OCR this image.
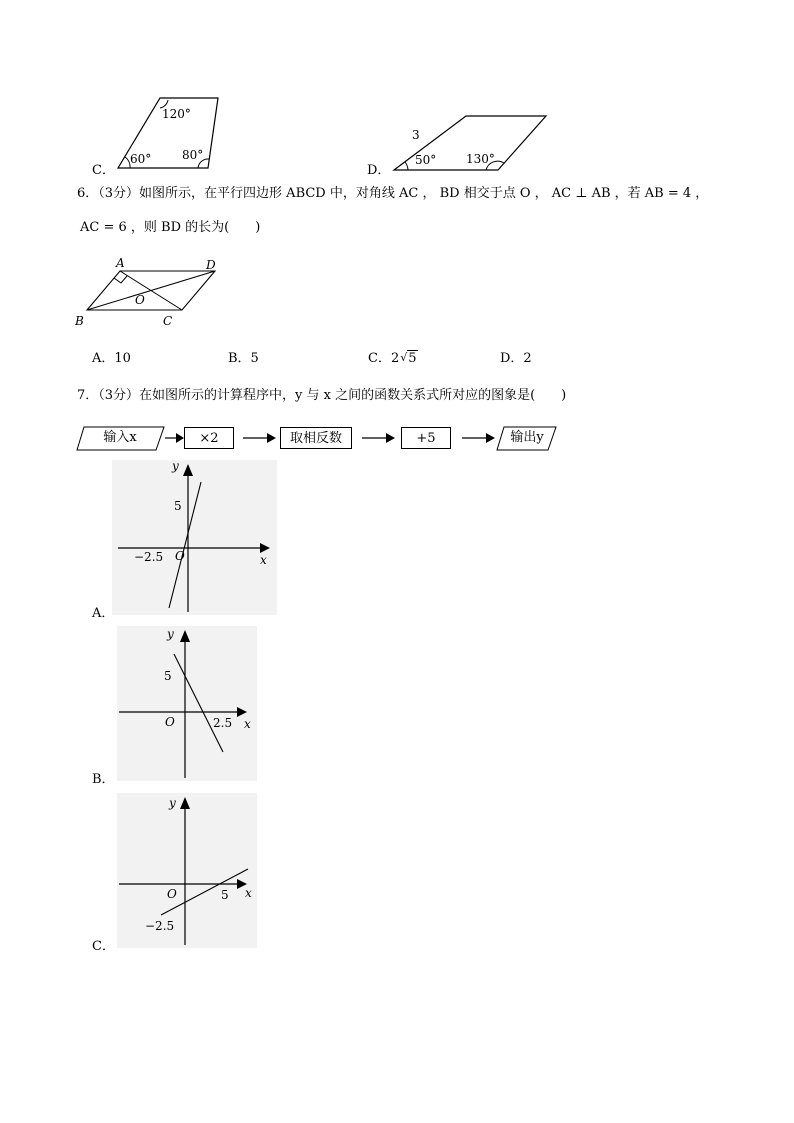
C．
120°
60°	80°
D．
3
50° 130°
6．（3分）如图所示，在平行四边形 ABCD 中，对角线 AC ， BD 相交于点 O ， AC ⊥ AB ，若 AB = 4 ，
AC = 6 ，则 BD 的长为(　　)
A	D
B	C
O
A．10	B．5	C．2√5	D．2
7．（3分）在如图所示的计算程序中，y 与 x 之间的函数关系式所对应的图象是(　　)
输入x	×2	取相反数	+5	输出y
y
x
O
5
−2.5
A．
y
x
O
5
2.5
B．
y
x
O	5
−2.5
C．
